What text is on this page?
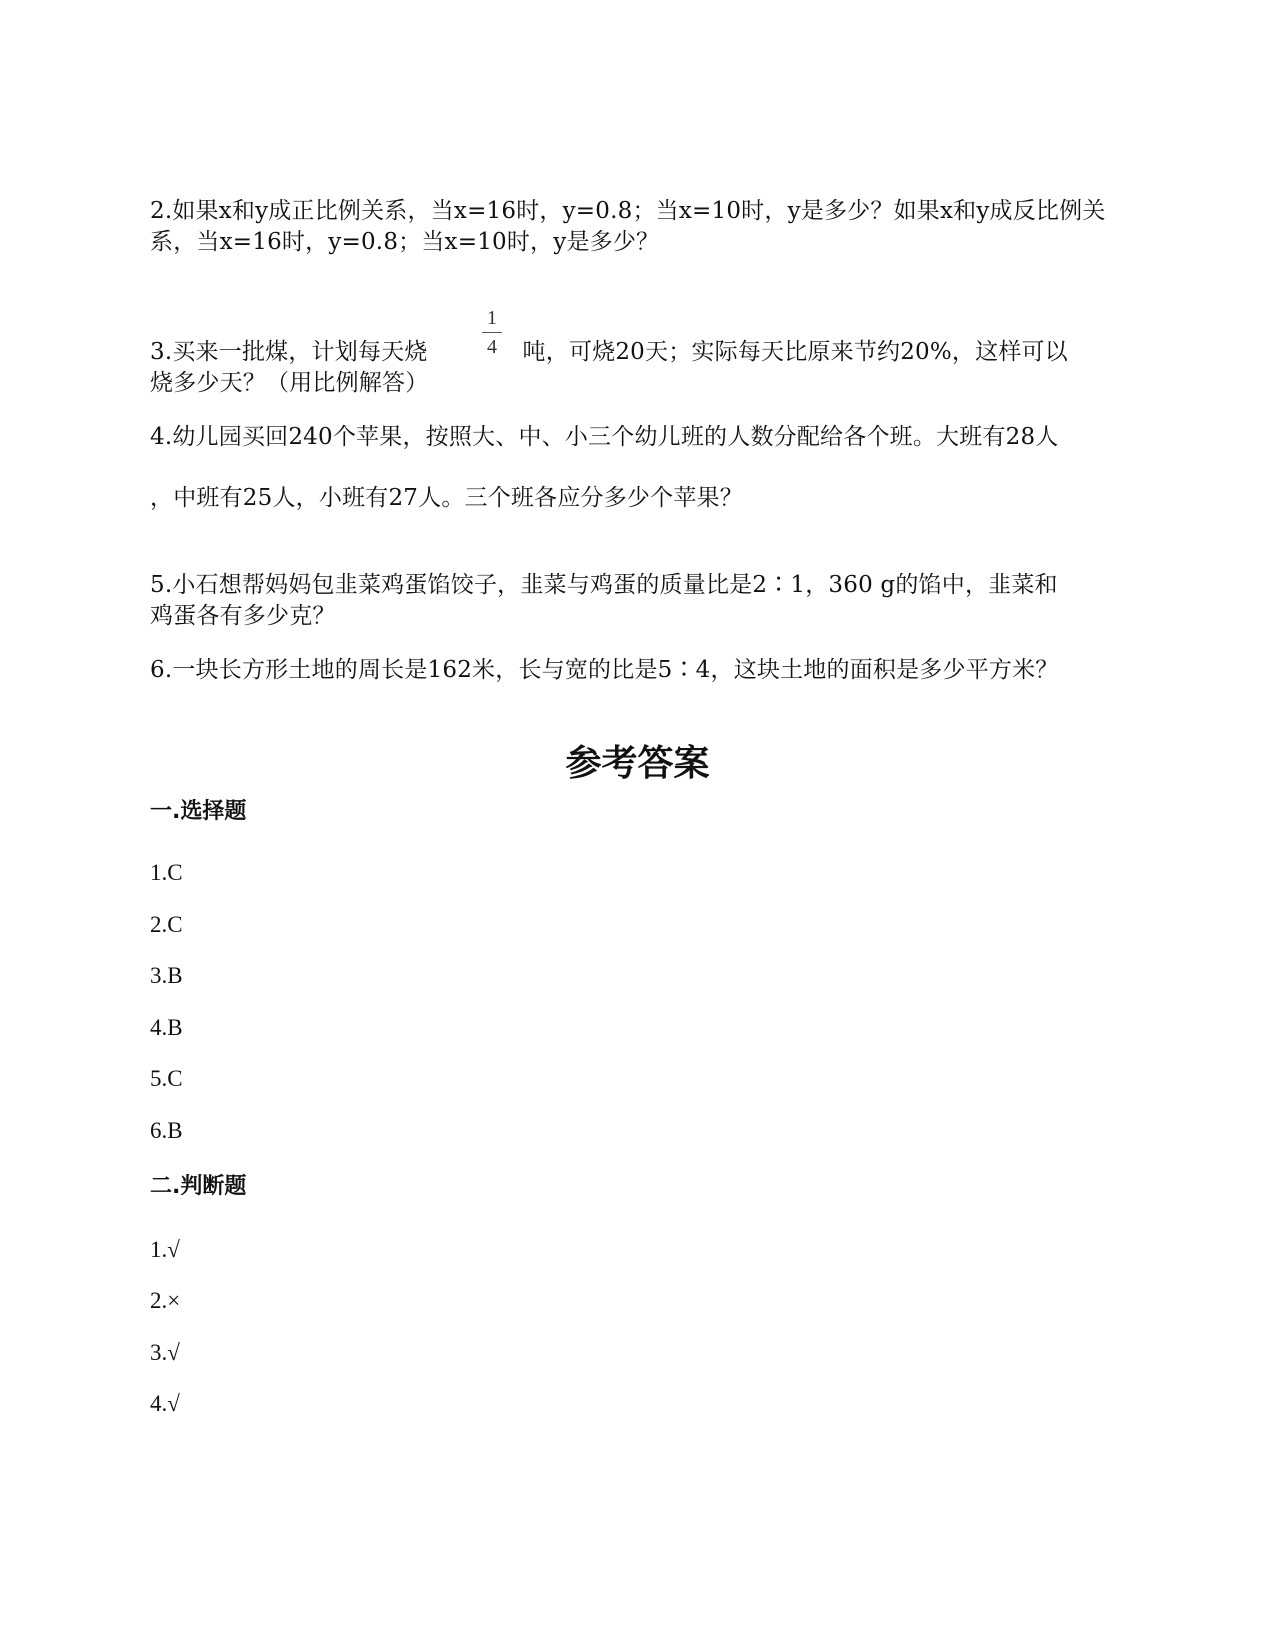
2.如果x和y成正比例关系，当x=16时，y=0.8；当x=10时，y是多少？如果x和y成反比例关
系，当x=16时，y=0.8；当x=10时，y是多少？
1
4
3.买来一批煤，计划每天烧	吨，可烧20天；实际每天比原来节约20%，这样可以
烧多少天？（用比例解答）
4.幼儿园买回240个苹果，按照大、中、小三个幼儿班的人数分配给各个班。大班有28人
，中班有25人，小班有27人。三个班各应分多少个苹果？
5.小石想帮妈妈包韭菜鸡蛋馅饺子，韭菜与鸡蛋的质量比是2∶1，360 g的馅中，韭菜和
鸡蛋各有多少克？
6.一块长方形土地的周长是162米，长与宽的比是5∶4，这块土地的面积是多少平方米？
参考答案
一.选择题
1.C
2.C
3.B
4.B
5.C
6.B
二.判断题
1.√
2.×
3.√
4.√
